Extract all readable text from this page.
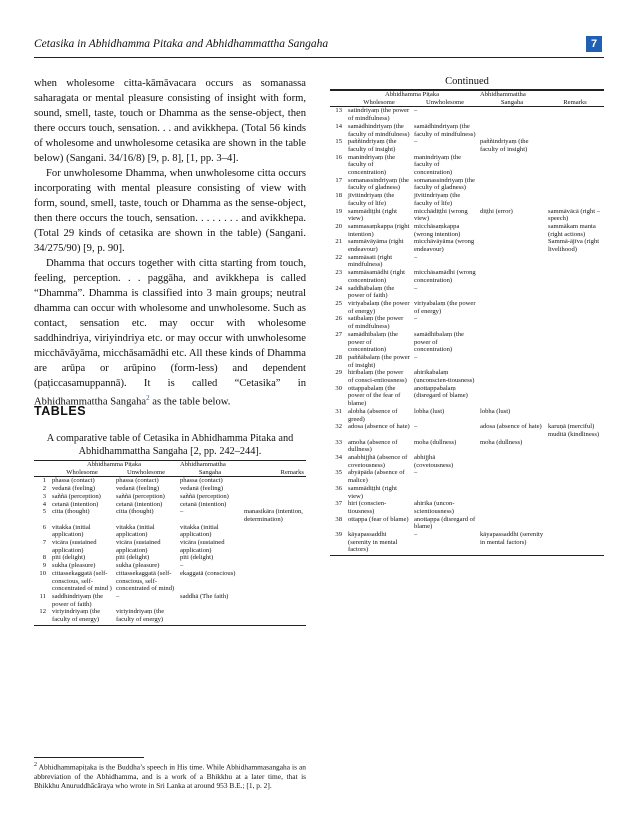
Cetasika in Abhidhamma Pitaka and Abhidhammattha Sangaha	7

when wholesome citta-kāmāvacara occurs as somanassa saharagata or mental pleasure consisting of insight with form, sound, smell, taste, touch or Dhamma as the sense-object, then there occurs touch, sensation. . . and avikkhepa. (Total 56 kinds of wholesome and unwholesome cetasika are shown in the table below) (Sangani. 34/16/8) [9, p. 8], [1, pp. 3–4].

For unwholesome Dhamma, when unwholesome citta occurs incorporating with mental pleasure consisting of view with form, sound, smell, taste, touch or Dhamma as the sense-object, then there occurs the touch, sensation. . . . . . . . and avikkhepa. (Total 29 kinds of cetasika are shown in the table) (Sangani. 34/275/90) [9, p. 90].

Dhamma that occurs together with citta starting from touch, feeling, perception. . . paggāha, and avikkhepa is called “Dhamma”. Dhamma is classified into 3 main groups; neutral dhamma can occur with wholesome and unwholesome. Such as contact, sensation etc. may occur with wholesome saddhindriya, viriyindriya etc. or may occur with unwholesome micchāvāyāma, micchāsamādhi etc. All these kinds of Dhamma are arūpa or arūpino (form-less) and dependent (paṭiccasamuppannā). It is called “Cetasika” in Abhidhammattha Sangaha$^2$ as the table below.

TABLES
A comparative table of Cetasika in Abhidhamma Pitaka and Abhidhammattha Sangaha [2, pp. 242–244].
	Abhidhamma Piṭaka		Abhidhammattha	
	Wholesome	Unwholesome	Sangaha	Remarks
1	phassa (contact)	phassa (contact)	phassa (contact)	
2	vedanā (feeling)	vedanā (feeling)	vedanā (feeling)	
3	saññā (perception)	saññā (perception)	saññā (perception)	
4	cetanā (intention)	cetanā (intention)	cetanā (intention)	
5	citta (thought)	citta (thought)	–	manasikāra (intention, determination)
6	vitakka (initial application)	vitakka (initial application)	vitakka (initial application)	
7	vicāra (sustained application)	vicāra (sustained application)	vicāra (sustained application)	
8	pīti (delight)	pīti (delight)	pīti (delight)	
9	sukha (pleasure)	sukha (pleasure)	–	
10	cittassekaggatā (self-conscious, self-concentrated of mind )	cittassekaggatā (self-conscious, self-concentrated of mind)	ekaggatā (conscious)	
11	saddhindriyaṃ (the power of faith)	–	saddhā (The faith)	
12	viriyindriyaṃ (the faculty of energy)	viriyindriyaṃ (the faculty of energy)		
$^2$ Abhidhammapiṭaka is the Buddha’s speech in His time. While Abhidhammasangaha is an abbreviation of the Abhidhamma, and is a work of a Bhikkhu at a later time, that is Bhikkhu Anuruddhācāraya who wrote in Sri Lanka at around 953 B.E.; [1, p. 2].
Continued
	Abhidhamma Piṭaka		Abhidhammattha	
	Wholesome	Unwholesome	Sangaha	Remarks
13	satindriyaṃ (the power of mindfulness)	–		
14	samādhindriyaṃ (the faculty of mindfulness)	samādhindriyaṃ (the faculty of mindfulness)		
15	paññindriyaṃ (the faculty of insight)	–	paññindriyaṃ (the faculty of insight)	
16	manindriyaṃ (the faculty of concentration)	manindriyaṃ (the faculty of concentration)		
17	somanassindriyaṃ (the faculty of gladness)	somanassindriyaṃ (the faculty of gladness)		
18	jīvitindriyaṃ (the faculty of life)	jīvitindriyaṃ (the faculty of life)		
19	sammādiṭṭhi (right view)	micchādiṭṭhi (wrong view)	diṭṭhi (error)	sammāvācā (right – speech)
20	sammasaṃkappa (right intention)	micchāsaṃkappa (wrong intention)		sammākam manta (right actions)
21	sammāvāyāma (right endeavour)	micchāvāyāma (wrong endeavour)		Sammā-ājīva (right livelihood)
22	sammāsati (right mindfulness)	–		
23	sammāsamādhi (right concentration)	micchāsamādhi (wrong concentration)		
24	saddhābalaṃ (the power of faith)	–		
25	viriyabalaṃ (the power of energy)	viriyabalaṃ (the power of energy)		
26	satibalaṃ (the power of mindfulness)	–		
27	samādhibalaṃ (the power of concentration)	samādhibalaṃ (the power of concentration)		
28	paññābalaṃ (the power of insight)	–		
29	hiribalaṃ (the power of consci-entiousness)	ahirikabalaṃ (unconscien-tiousness)		
30	ottappabalaṃ (the power of the fear of blame)	anottappabalaṃ (disregard of blame)		
31	alobha (absence of greed)	lobha (lust)	lobha (lust)	
32	adosa (absence of hate)	–	adosa (absence of hate)	karuṇā (merciful) muditā (kindliness)
33	amoha (absence of dullness)	moha (dullness)	moha (dullness)	
34	anabhijjhā (absence of covetousness)	abhijjhā (covetousness)		
35	abyāpāda (absence of malice)	–		
36	sammādiṭṭhi (right view)			
37	hiri (conscien-tiousness)	ahirika (uncon-scientiousness)		
38	ottappa (fear of blame)	anottappa (disregard of blame)		
39	kāyapassaddhi (serenity in mental factors)	–	kāyapassaddhi (serenity in mental factors)	
